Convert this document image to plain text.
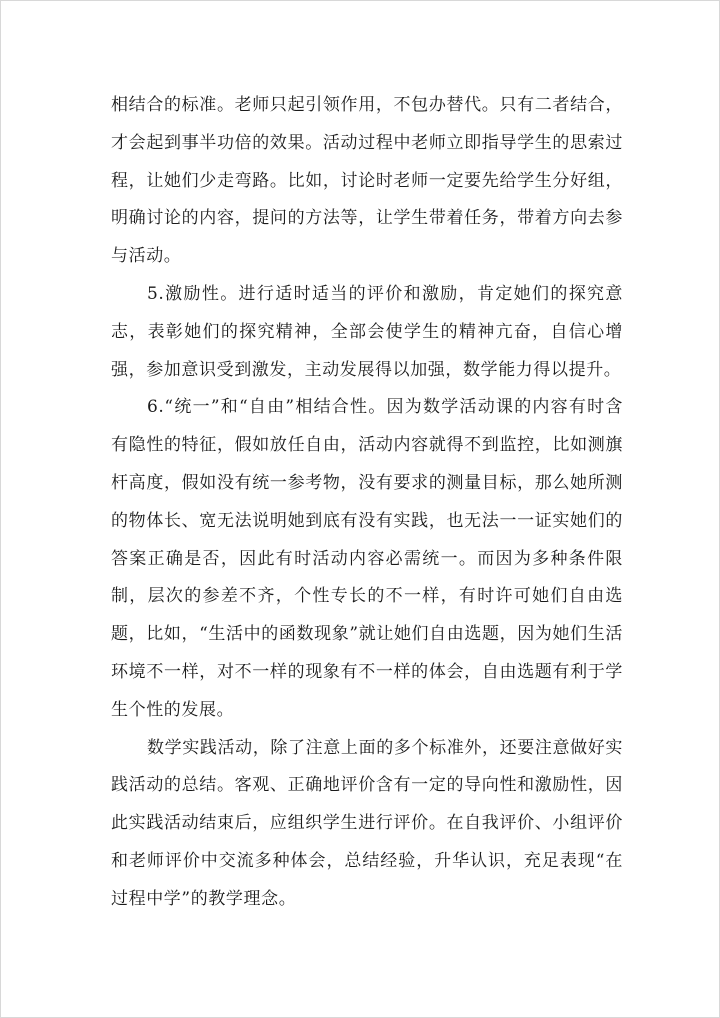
相结合的标准。老师只起引领作用，不包办替代。只有二者结合，才会起到事半功倍的效果。活动过程中老师立即指导学生的思索过程，让她们少走弯路。比如，讨论时老师一定要先给学生分好组，明确讨论的内容，提问的方法等，让学生带着任务，带着方向去参与活动。

5.激励性。进行适时适当的评价和激励，肯定她们的探究意志，表彰她们的探究精神，全部会使学生的精神亢奋，自信心增强，参加意识受到激发，主动发展得以加强，数学能力得以提升。

6.“统一”和“自由”相结合性。因为数学活动课的内容有时含有隐性的特征，假如放任自由，活动内容就得不到监控，比如测旗杆高度，假如没有统一参考物，没有要求的测量目标，那么她所测的物体长、宽无法说明她到底有没有实践，也无法一一证实她们的答案正确是否，因此有时活动内容必需统一。而因为多种条件限制，层次的参差不齐，个性专长的不一样，有时许可她们自由选题，比如，“生活中的函数现象”就让她们自由选题，因为她们生活环境不一样，对不一样的现象有不一样的体会，自由选题有利于学生个性的发展。

数学实践活动，除了注意上面的多个标准外，还要注意做好实践活动的总结。客观、正确地评价含有一定的导向性和激励性，因此实践活动结束后，应组织学生进行评价。在自我评价、小组评价和老师评价中交流多种体会，总结经验，升华认识，充足表现“在过程中学”的教学理念。
